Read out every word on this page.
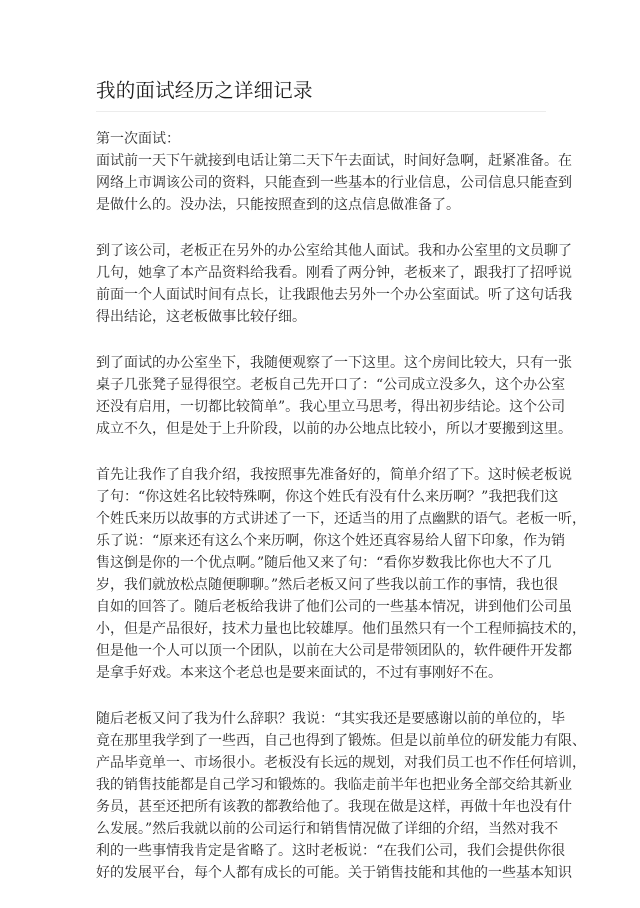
我的面试经历之详细记录
第一次面试：
面试前一天下午就接到电话让第二天下午去面试，时间好急啊，赶紧准备。在
网络上市调该公司的资料，只能查到一些基本的行业信息，公司信息只能查到
是做什么的。没办法，只能按照查到的这点信息做准备了。
到了该公司，老板正在另外的办公室给其他人面试。我和办公室里的文员聊了
几句，她拿了本产品资料给我看。刚看了两分钟，老板来了，跟我打了招呼说
前面一个人面试时间有点长，让我跟他去另外一个办公室面试。听了这句话我
得出结论，这老板做事比较仔细。
到了面试的办公室坐下，我随便观察了一下这里。这个房间比较大，只有一张
桌子几张凳子显得很空。老板自己先开口了：“公司成立没多久，这个办公室
还没有启用，一切都比较简单”。我心里立马思考，得出初步结论。这个公司
成立不久，但是处于上升阶段，以前的办公地点比较小，所以才要搬到这里。
首先让我作了自我介绍，我按照事先准备好的，简单介绍了下。这时候老板说
了句：“你这姓名比较特殊啊，你这个姓氏有没有什么来历啊？”我把我们这
个姓氏来历以故事的方式讲述了一下，还适当的用了点幽默的语气。老板一听，
乐了说：“原来还有这么个来历啊，你这个姓还真容易给人留下印象，作为销
售这倒是你的一个优点啊。”随后他又来了句：“看你岁数我比你也大不了几
岁，我们就放松点随便聊聊。”然后老板又问了些我以前工作的事情，我也很
自如的回答了。随后老板给我讲了他们公司的一些基本情况，讲到他们公司虽
小，但是产品很好，技术力量也比较雄厚。他们虽然只有一个工程师搞技术的，
但是他一个人可以顶一个团队，以前在大公司是带领团队的，软件硬件开发都
是拿手好戏。本来这个老总也是要来面试的，不过有事刚好不在。
随后老板又问了我为什么辞职？我说：“其实我还是要感谢以前的单位的，毕
竟在那里我学到了一些西，自己也得到了锻炼。但是以前单位的研发能力有限、
产品毕竟单一、市场很小。老板没有长远的规划，对我们员工也不作任何培训，
我的销售技能都是自己学习和锻炼的。我临走前半年也把业务全部交给其新业
务员，甚至还把所有该教的都教给他了。我现在做是这样，再做十年也没有什
么发展。”然后我就以前的公司运行和销售情况做了详细的介绍，当然对我不
利的一些事情我肯定是省略了。这时老板说：“在我们公司，我们会提供你很
好的发展平台，每个人都有成长的可能。关于销售技能和其他的一些基本知识
